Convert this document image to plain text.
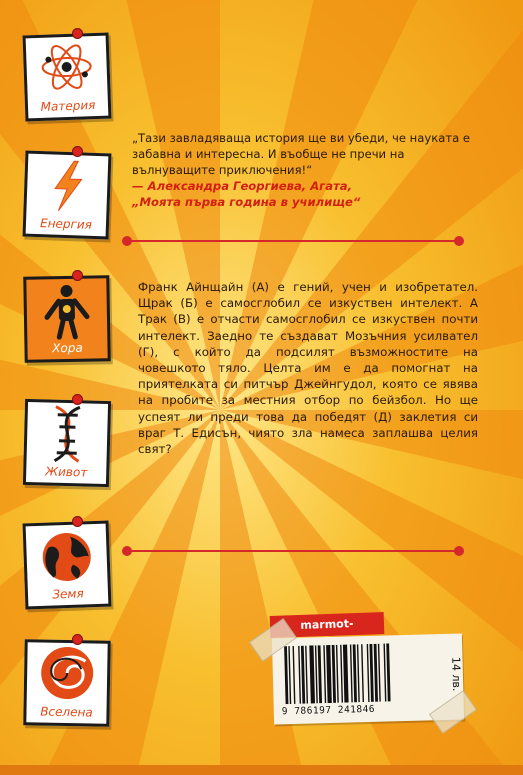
Материя
Енергия
Хора
Живот
Земя
Вселена
„Тази завладяваща история ще ви убеди, че науката е забавна и интересна. И въобще не пречи на вълнуващите приключения!“
— Александра Георгиева, Агата,
„Моята първа година в училище“
Франк Айнщайн (А) е гений, учен и изобретател. Щрак (Б) е самосглобил се изкуствен интелект. А Трак (В) е отчасти самосглобил се изкуствен почти интелект. Заедно те създават Мозъчния усилвател (Г), с който да подсилят възможностите на човешкото тяло. Целта им е да помогнат на приятелката си питчър Джейнгудол, която се явява на пробите за местния отбор по бейзбол. Но ще успеят ли преди това да победят (Д) заклетия си враг Т. Едисън, чиято зла намеса заплашва целия свят?
marmot-books.com
9 786197 241846
14 лв.
